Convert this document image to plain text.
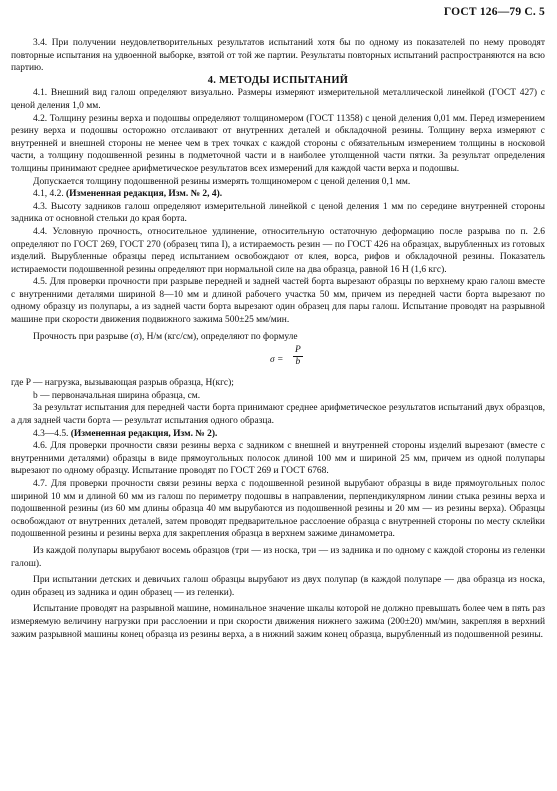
ГОСТ 126—79 С. 5

3.4. При получении неудовлетворительных результатов испытаний хотя бы по одному из показателей по нему проводят повторные испытания на удвоенной выборке, взятой от той же партии. Результаты повторных испытаний распространяются на всю партию.

4. МЕТОДЫ ИСПЫТАНИЙ

4.1. Внешний вид галош определяют визуально. Размеры измеряют измерительной металлической линейкой (ГОСТ 427) с ценой деления 1,0 мм.

4.2. Толщину резины верха и подошвы определяют толщиномером (ГОСТ 11358) с ценой деления 0,01 мм. Перед измерением резину верха и подошвы осторожно отслаивают от внутренних деталей и обкладочной резины. Толщину верха измеряют с внутренней и внешней стороны не менее чем в трех точках с каждой стороны с обязательным измерением толщины в носковой части, а толщину подошвенной резины в подметочной части и в наиболее утолщенной части пятки. За результат определения толщины принимают среднее арифметическое результатов всех измерений для каждой части верха и подошвы.

Допускается толщину подошвенной резины измерять толщиномером с ценой деления 0,1 мм.

4.1, 4.2. (Измененная редакция, Изм. № 2, 4).

4.3. Высоту задников галош определяют измерительной линейкой с ценой деления 1 мм по середине внутренней стороны задника от основной стельки до края борта.

4.4. Условную прочность, относительное удлинение, относительную остаточную деформацию после разрыва по п. 2.6 определяют по ГОСТ 269, ГОСТ 270 (образец типа I), а истираемость резин — по ГОСТ 426 на образцах, вырубленных из готовых изделий. Вырубленные образцы перед испытанием освобождают от клея, ворса, рифов и обкладочной резины. Показатель истираемости подошвенной резины определяют при нормальной силе на два образца, равной 16 Н (1,6 кгс).

4.5. Для проверки прочности при разрыве передней и задней частей борта вырезают образцы по верхнему краю галош вместе с внутренними деталями шириной 8—10 мм и длиной рабочего участка 50 мм, причем из передней части борта вырезают по одному образцу из полупары, а из задней части борта вырезают один образец для пары галош. Испытание проводят на разрывной машине при скорости движения подвижного зажима 500±25 мм/мин.

Прочность при разрыве (σ), Н/м (кгс/см), определяют по формуле

$\sigma = \frac{P}{b}$

где P — нагрузка, вызывающая разрыв образца, Н(кгс);

b — первоначальная ширина образца, см.

За результат испытания для передней части борта принимают среднее арифметическое результатов испытаний двух образцов, а для задней части борта — результат испытания одного образца.

4.3—4.5. (Измененная редакция, Изм. № 2).

4.6. Для проверки прочности связи резины верха с задником с внешней и внутренней стороны изделий вырезают (вместе с внутренними деталями) образцы в виде прямоугольных полосок длиной 100 мм и шириной 25 мм, причем из одной полупары вырезают по одному образцу. Испытание проводят по ГОСТ 269 и ГОСТ 6768.

4.7. Для проверки прочности связи резины верха с подошвенной резиной вырубают образцы в виде прямоугольных полос шириной 10 мм и длиной 60 мм из галош по периметру подошвы в направлении, перпендикулярном линии стыка резины верха и подошвенной резины (из 60 мм длины образца 40 мм вырубаются из подошвенной резины и 20 мм — из резины верха). Образцы освобождают от внутренних деталей, затем проводят предварительное расслоение образца с внутренней стороны по месту склейки подошвенной резины и резины верха для закрепления образца в верхнем зажиме динамометра.

Из каждой полупары вырубают восемь образцов (три — из носка, три — из задника и по одному с каждой стороны из геленки галош).

При испытании детских и девичьих галош образцы вырубают из двух полупар (в каждой полупаре — два образца из носка, один образец из задника и один образец — из геленки).

Испытание проводят на разрывной машине, номинальное значение шкалы которой не должно превышать более чем в пять раз измеряемую величину нагрузки при расслоении и при скорости движения нижнего зажима (200±20) мм/мин, закрепляя в верхний зажим разрывной машины конец образца из резины верха, а в нижний зажим конец образца, вырубленный из подошвенной резины.
